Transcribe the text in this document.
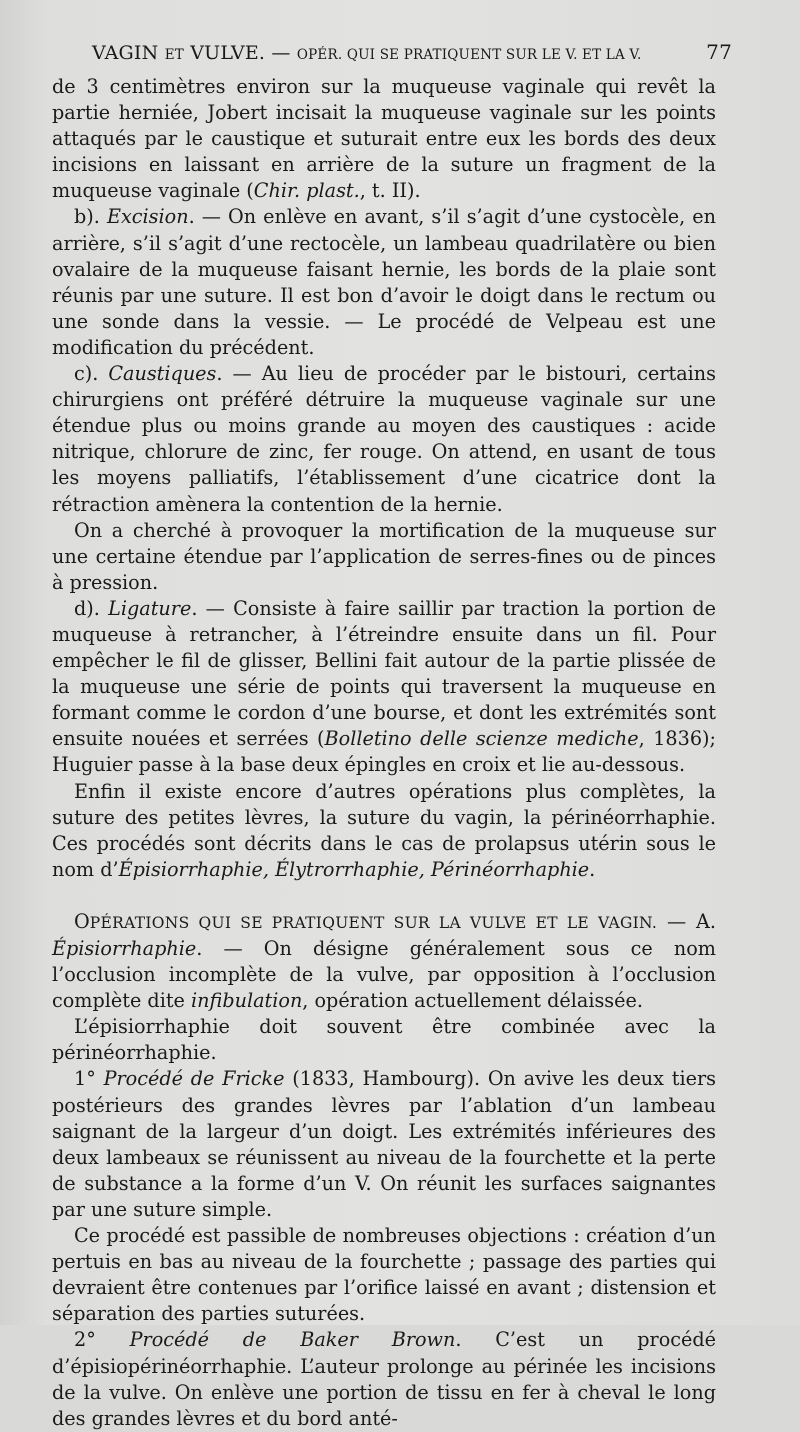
VAGIN ET VULVE. — OPÉR. QUI SE PRATIQUENT SUR LE V. ET LA V.	77

de 3 centimètres environ sur la muqueuse vaginale qui revêt la partie herniée, Jobert incisait la muqueuse vaginale sur les points attaqués par le caustique et suturait entre eux les bords des deux incisions en laissant en arrière de la suture un fragment de la muqueuse vaginale (Chir. plast., t. II).

b). Excision. — On enlève en avant, s’il s’agit d’une cystocèle, en arrière, s’il s’agit d’une rectocèle, un lambeau quadrilatère ou bien ovalaire de la muqueuse faisant hernie, les bords de la plaie sont réunis par une suture. Il est bon d’avoir le doigt dans le rectum ou une sonde dans la vessie. — Le procédé de Velpeau est une modification du précédent.

c). Caustiques. — Au lieu de procéder par le bistouri, certains chirurgiens ont préféré détruire la muqueuse vaginale sur une étendue plus ou moins grande au moyen des caustiques : acide nitrique, chlorure de zinc, fer rouge. On attend, en usant de tous les moyens palliatifs, l’établissement d’une cicatrice dont la rétraction amènera la contention de la hernie.

On a cherché à provoquer la mortification de la muqueuse sur une certaine étendue par l’application de serres-fines ou de pinces à pression.

d). Ligature. — Consiste à faire saillir par traction la portion de muqueuse à retrancher, à l’étreindre ensuite dans un fil. Pour empêcher le fil de glisser, Bellini fait autour de la partie plissée de la muqueuse une série de points qui traversent la muqueuse en formant comme le cordon d’une bourse, et dont les extrémités sont ensuite nouées et serrées (Bolletino delle scienze mediche, 1836); Huguier passe à la base deux épingles en croix et lie au-dessous.

Enfin il existe encore d’autres opérations plus complètes, la suture des petites lèvres, la suture du vagin, la périnéorrhaphie. Ces procédés sont décrits dans le cas de prolapsus utérin sous le nom d’Épisiorrhaphie, Élytrorrhaphie, Périnéorrhaphie.

OPÉRATIONS QUI SE PRATIQUENT SUR LA VULVE ET LE VAGIN. — A. Épisiorrhaphie. — On désigne généralement sous ce nom l’occlusion incomplète de la vulve, par opposition à l’occlusion complète dite infibulation, opération actuellement délaissée.

L’épisiorrhaphie doit souvent être combinée avec la périnéorrhaphie.

1° Procédé de Fricke (1833, Hambourg). On avive les deux tiers postérieurs des grandes lèvres par l’ablation d’un lambeau saignant de la largeur d’un doigt. Les extrémités inférieures des deux lambeaux se réunissent au niveau de la fourchette et la perte de substance a la forme d’un V. On réunit les surfaces saignantes par une suture simple.

Ce procédé est passible de nombreuses objections : création d’un pertuis en bas au niveau de la fourchette ; passage des parties qui devraient être contenues par l’orifice laissé en avant ; distension et séparation des parties suturées.

2° Procédé de Baker Brown. C’est un procédé d’épisiopérinéorrhaphie. L’auteur prolonge au périnée les incisions de la vulve. On enlève une portion de tissu en fer à cheval le long des grandes lèvres et du bord anté-
